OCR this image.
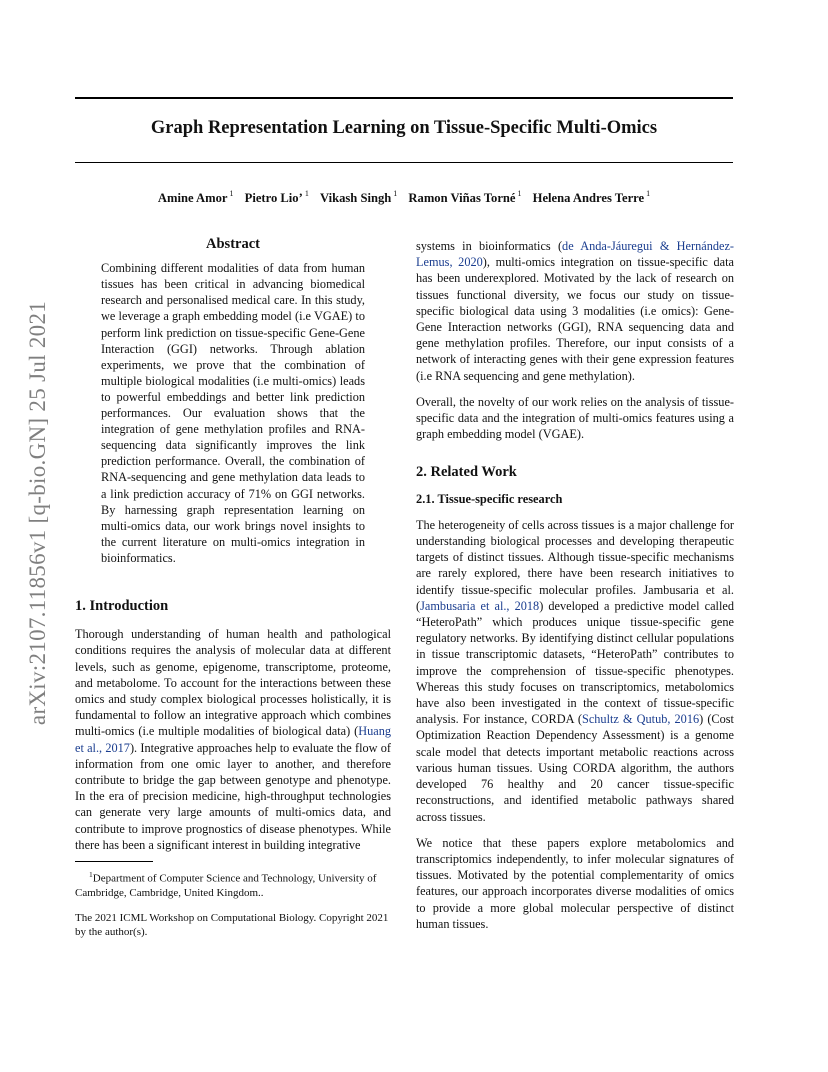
Graph Representation Learning on Tissue-Specific Multi-Omics
Amine Amor $^1$ Pietro Lio’ $^1$ Vikash Singh $^1$ Ramon Viñas Torné $^1$ Helena Andres Terre $^1$
arXiv:2107.11856v1 [q-bio.GN] 25 Jul 2021
Abstract

Combining different modalities of data from human tissues has been critical in advancing biomedical research and personalised medical care. In this study, we leverage a graph embedding model (i.e VGAE) to perform link prediction on tissue-specific Gene-Gene Interaction (GGI) networks. Through ablation experiments, we prove that the combination of multiple biological modalities (i.e multi-omics) leads to powerful embeddings and better link prediction performances. Our evaluation shows that the integration of gene methylation profiles and RNA-sequencing data significantly improves the link prediction performance. Overall, the combination of RNA-sequencing and gene methylation data leads to a link prediction accuracy of 71% on GGI networks. By harnessing graph representation learning on multi-omics data, our work brings novel insights to the current literature on multi-omics integration in bioinformatics.

1. Introduction

Thorough understanding of human health and pathological conditions requires the analysis of molecular data at different levels, such as genome, epigenome, transcriptome, proteome, and metabolome. To account for the interactions between these omics and study complex biological processes holistically, it is fundamental to follow an integrative approach which combines multi-omics (i.e multiple modalities of biological data) (Huang et al., 2017). Integrative approaches help to evaluate the flow of information from one omic layer to another, and therefore contribute to bridge the gap between genotype and phenotype. In the era of precision medicine, high-throughput technologies can generate very large amounts of multi-omics data, and contribute to improve prognostics of disease phenotypes. While there has been a significant interest in building integrative

$^1$Department of Computer Science and Technology, University of Cambridge, Cambridge, United Kingdom..

The 2021 ICML Workshop on Computational Biology. Copyright 2021 by the author(s).

systems in bioinformatics (de Anda-Jáuregui & Hernández-Lemus, 2020), multi-omics integration on tissue-specific data has been underexplored. Motivated by the lack of research on tissues functional diversity, we focus our study on tissue-specific biological data using 3 modalities (i.e omics): Gene-Gene Interaction networks (GGI), RNA sequencing data and gene methylation profiles. Therefore, our input consists of a network of interacting genes with their gene expression features (i.e RNA sequencing and gene methylation).

Overall, the novelty of our work relies on the analysis of tissue-specific data and the integration of multi-omics features using a graph embedding model (VGAE).

2. Related Work
2.1. Tissue-specific research

The heterogeneity of cells across tissues is a major challenge for understanding biological processes and developing therapeutic targets of distinct tissues. Although tissue-specific mechanisms are rarely explored, there have been research initiatives to identify tissue-specific molecular profiles. Jambusaria et al. (Jambusaria et al., 2018) developed a predictive model called “HeteroPath” which produces unique tissue-specific gene regulatory networks. By identifying distinct cellular populations in tissue transcriptomic datasets, “HeteroPath” contributes to improve the comprehension of tissue-specific phenotypes. Whereas this study focuses on transcriptomics, metabolomics have also been investigated in the context of tissue-specific analysis. For instance, CORDA (Schultz & Qutub, 2016) (Cost Optimization Reaction Dependency Assessment) is a genome scale model that detects important metabolic reactions across various human tissues. Using CORDA algorithm, the authors developed 76 healthy and 20 cancer tissue-specific reconstructions, and identified metabolic pathways shared across tissues.

We notice that these papers explore metabolomics and transcriptomics independently, to infer molecular signatures of tissues. Motivated by the potential complementarity of omics features, our approach incorporates diverse modalities of omics to provide a more global molecular perspective of distinct human tissues.
